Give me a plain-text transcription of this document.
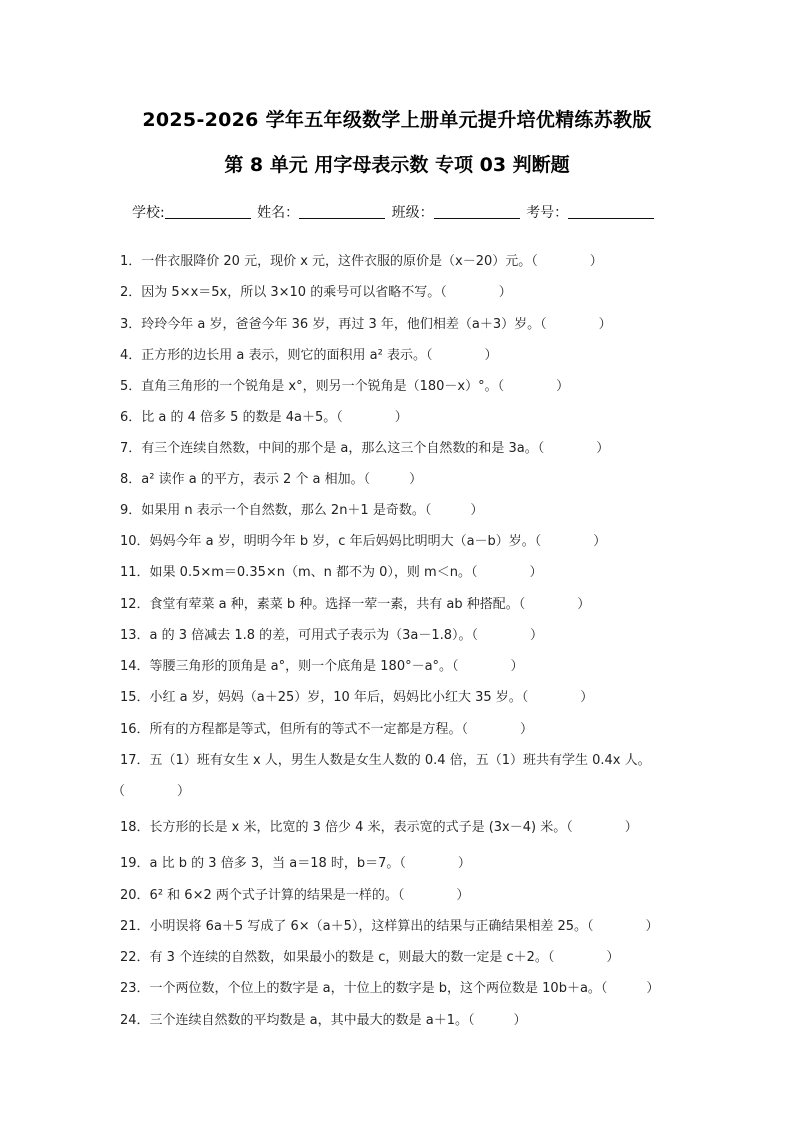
2025-2026 学年五年级数学上册单元提升培优精练苏教版
第 8 单元 用字母表示数 专项 03 判断题
学校:	姓名：	班级：	考号：
1．一件衣服降价 20 元，现价 x 元，这件衣服的原价是（x－20）元。（　　　　）
2．因为 5×x＝5x，所以 3×10 的乘号可以省略不写。（　　　　）
3．玲玲今年 a 岁，爸爸今年 36 岁，再过 3 年，他们相差（a＋3）岁。（　　　　）
4．正方形的边长用 a 表示，则它的面积用 a² 表示。（　　　　）
5．直角三角形的一个锐角是 x°，则另一个锐角是（180－x）°。（　　　　）
6．比 a 的 4 倍多 5 的数是 4a＋5。（　　　　）
7．有三个连续自然数，中间的那个是 a，那么这三个自然数的和是 3a。（　　　　）
8．a² 读作 a 的平方，表示 2 个 a 相加。（　　　）
9．如果用 n 表示一个自然数，那么 2n＋1 是奇数。（　　　）
10．妈妈今年 a 岁，明明今年 b 岁，c 年后妈妈比明明大（a－b）岁。（　　　　）
11．如果 0.5×m＝0.35×n（m、n 都不为 0），则 m＜n。（　　　　）
12．食堂有荤菜 a 种，素菜 b 种。选择一荤一素，共有 ab 种搭配。（　　　　）
13．a 的 3 倍减去 1.8 的差，可用式子表示为（3a－1.8）。（　　　　）
14．等腰三角形的顶角是 a°，则一个底角是 180°－a°。（　　　　）
15．小红 a 岁，妈妈（a＋25）岁，10 年后，妈妈比小红大 35 岁。（　　　　）
16．所有的方程都是等式，但所有的等式不一定都是方程。（　　　　）
17．五（1）班有女生 x 人，男生人数是女生人数的 0.4 倍，五（1）班共有学生 0.4x 人。
（　　　　）
18．长方形的长是 x 米，比宽的 3 倍少 4 米，表示宽的式子是 (3x－4) 米。（　　　　）
19．a 比 b 的 3 倍多 3，当 a＝18 时，b＝7。（　　　　）
20．6² 和 6×2 两个式子计算的结果是一样的。（　　　　）
21．小明误将 6a＋5 写成了 6×（a＋5），这样算出的结果与正确结果相差 25。（　　　　）
22．有 3 个连续的自然数，如果最小的数是 c，则最大的数一定是 c＋2。（　　　　）
23．一个两位数，个位上的数字是 a，十位上的数字是 b，这个两位数是 10b＋a。（　　　）
24．三个连续自然数的平均数是 a，其中最大的数是 a＋1。（　　　）
